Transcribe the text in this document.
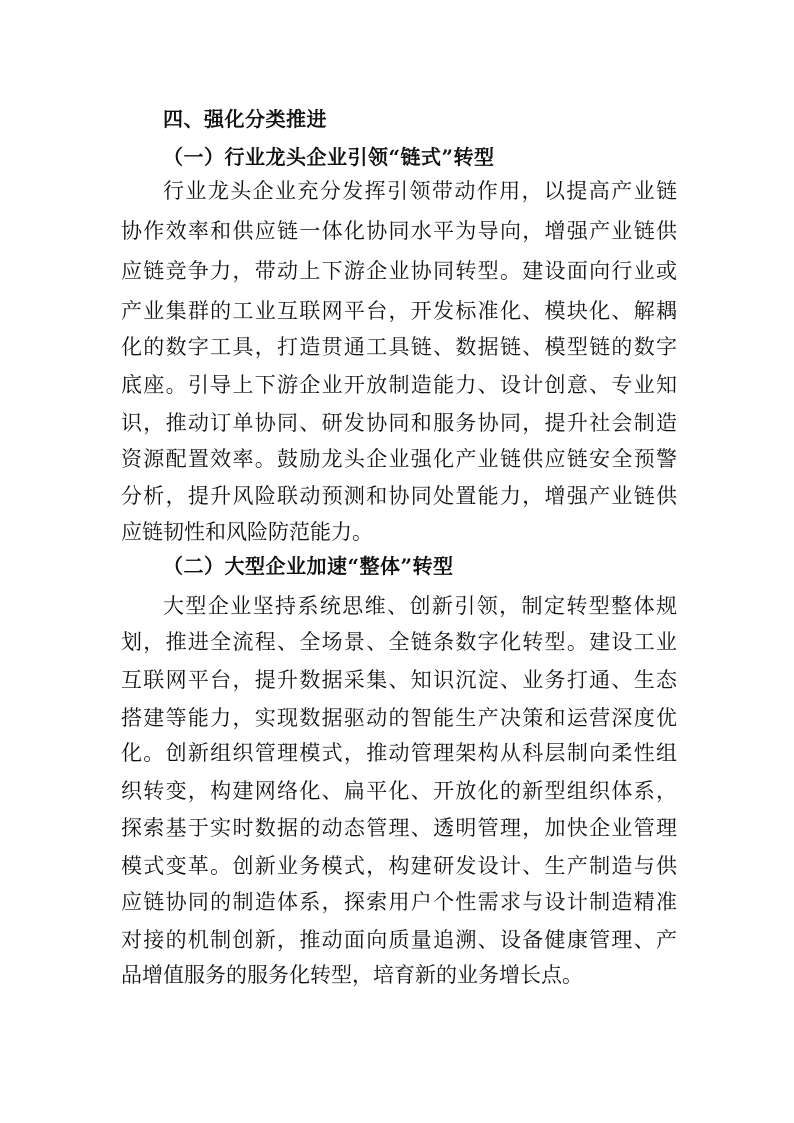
四、强化分类推进
（一）行业龙头企业引领“链式”转型
行业龙头企业充分发挥引领带动作用，以提高产业链
协作效率和供应链一体化协同水平为导向，增强产业链供
应链竞争力，带动上下游企业协同转型。建设面向行业或
产业集群的工业互联网平台，开发标准化、模块化、解耦
化的数字工具，打造贯通工具链、数据链、模型链的数字
底座。引导上下游企业开放制造能力、设计创意、专业知
识，推动订单协同、研发协同和服务协同，提升社会制造
资源配置效率。鼓励龙头企业强化产业链供应链安全预警
分析，提升风险联动预测和协同处置能力，增强产业链供
应链韧性和风险防范能力。
（二）大型企业加速“整体”转型
大型企业坚持系统思维、创新引领，制定转型整体规
划，推进全流程、全场景、全链条数字化转型。建设工业
互联网平台，提升数据采集、知识沉淀、业务打通、生态
搭建等能力，实现数据驱动的智能生产决策和运营深度优
化。创新组织管理模式，推动管理架构从科层制向柔性组
织转变，构建网络化、扁平化、开放化的新型组织体系，
探索基于实时数据的动态管理、透明管理，加快企业管理
模式变革。创新业务模式，构建研发设计、生产制造与供
应链协同的制造体系，探索用户个性需求与设计制造精准
对接的机制创新，推动面向质量追溯、设备健康管理、产
品增值服务的服务化转型，培育新的业务增长点。
